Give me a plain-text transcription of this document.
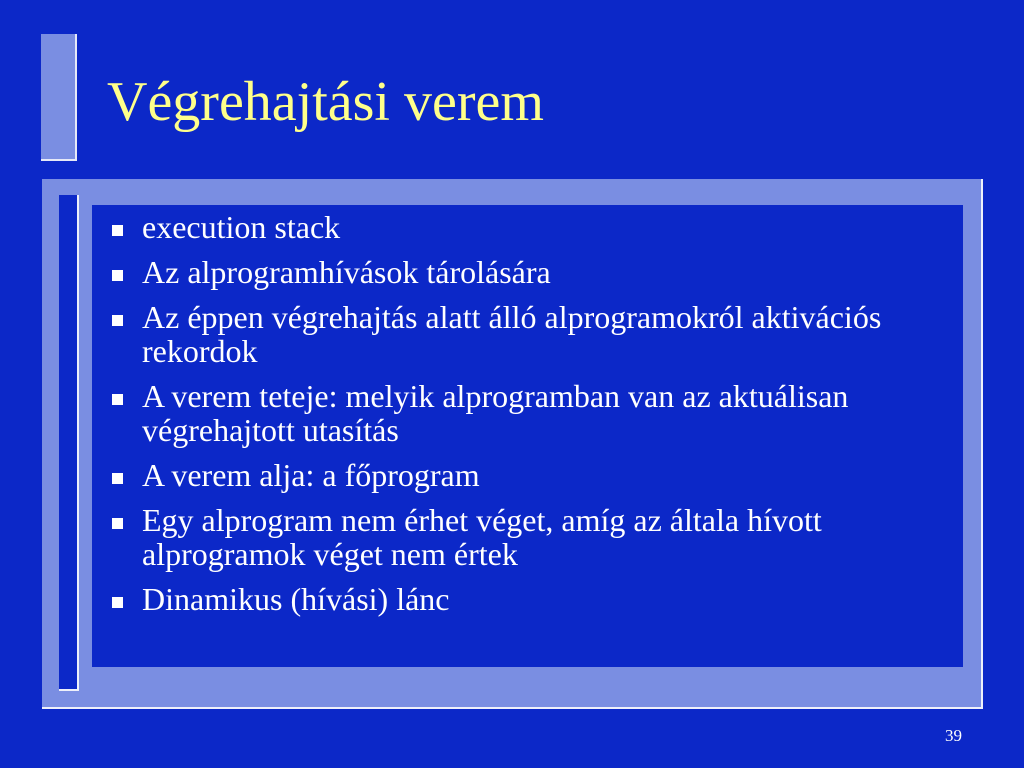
Végrehajtási verem
execution stack
Az alprogramhívások tárolására
Az éppen végrehajtás alatt álló alprogramokról aktivációs rekordok
A verem teteje: melyik alprogramban van az aktuálisan végrehajtott utasítás
A verem alja: a főprogram
Egy alprogram nem érhet véget, amíg az általa hívott alprogramok véget nem értek
Dinamikus (hívási) lánc
39
